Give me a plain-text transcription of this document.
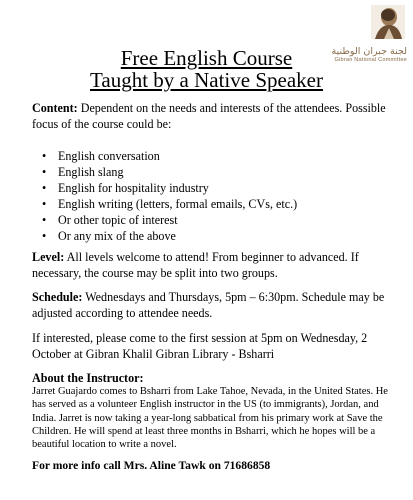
لجنة جبران الوطنية
Gibran National Committee
Free English Course
Taught by a Native Speaker
Content: Dependent on the needs and interests of the attendees. Possible focus of the course could be:
• English conversation
• English slang
• English for hospitality industry
• English writing (letters, formal emails, CVs, etc.)
• Or other topic of interest
• Or any mix of the above
Level: All levels welcome to attend! From beginner to advanced. If necessary, the course may be split into two groups.
Schedule: Wednesdays and Thursdays, 5pm – 6:30pm. Schedule may be adjusted according to attendee needs.
If interested, please come to the first session at 5pm on Wednesday, 2 October at Gibran Khalil Gibran Library - Bsharri
About the Instructor:
Jarret Guajardo comes to Bsharri from Lake Tahoe, Nevada, in the United States. He has served as a volunteer English instructor in the US (to immigrants), Jordan, and India. Jarret is now taking a year-long sabbatical from his primary work at Save the Children. He will spend at least three months in Bsharri, which he hopes will be a beautiful location to write a novel.
For more info call Mrs. Aline Tawk on 71686858
